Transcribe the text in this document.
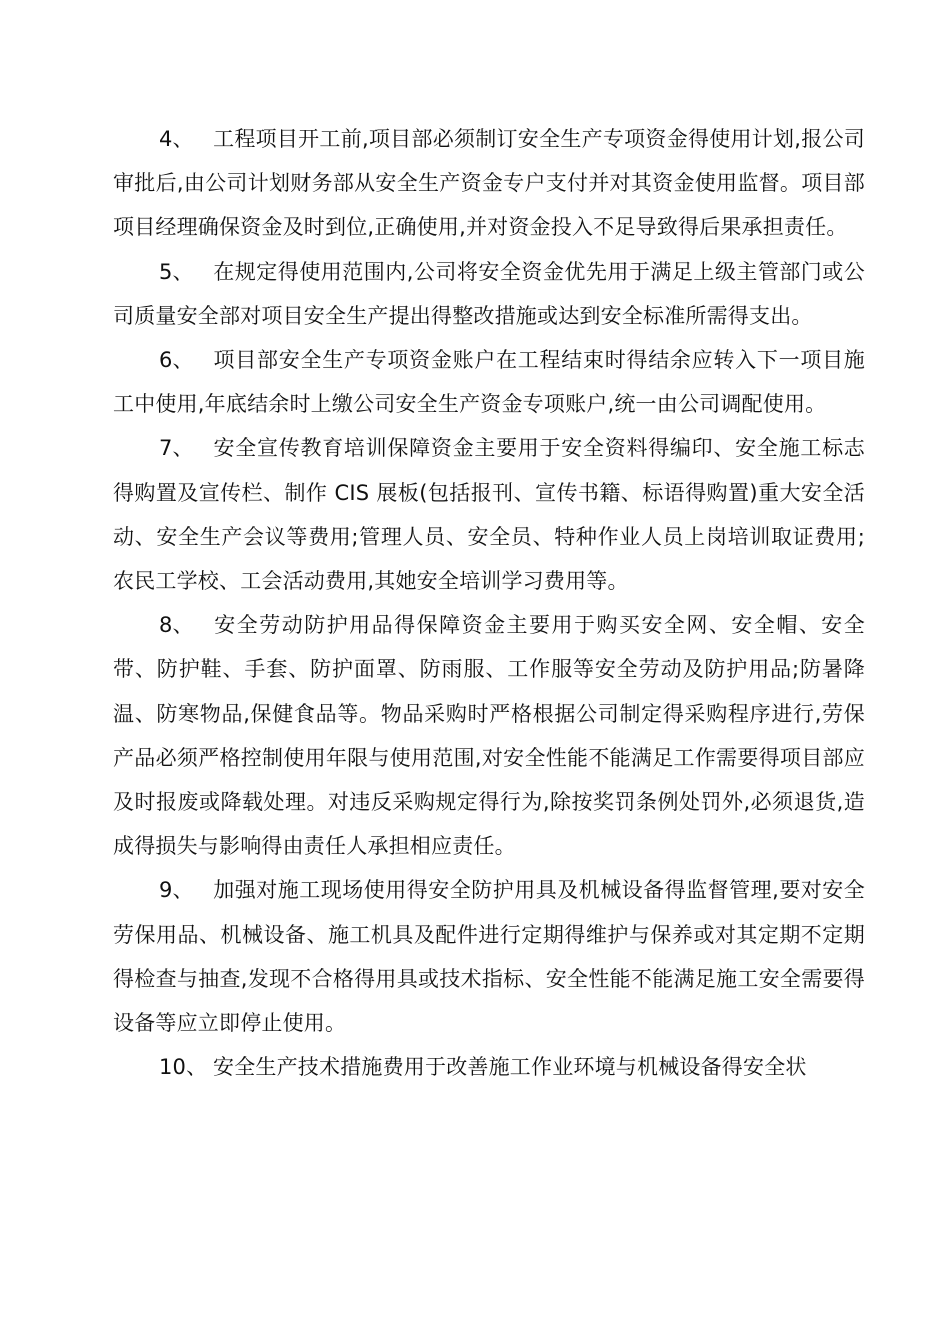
4、 工程项目开工前,项目部必须制订安全生产专项资金得使用计划,报公司审批后,由公司计划财务部从安全生产资金专户支付并对其资金使用监督。项目部项目经理确保资金及时到位,正确使用,并对资金投入不足导致得后果承担责任。

5、 在规定得使用范围内,公司将安全资金优先用于满足上级主管部门或公司质量安全部对项目安全生产提出得整改措施或达到安全标准所需得支出。

6、 项目部安全生产专项资金账户在工程结束时得结余应转入下一项目施工中使用,年底结余时上缴公司安全生产资金专项账户,统一由公司调配使用。

7、 安全宣传教育培训保障资金主要用于安全资料得编印、安全施工标志得购置及宣传栏、制作 CIS 展板(包括报刊、宣传书籍、标语得购置)重大安全活动、安全生产会议等费用;管理人员、安全员、特种作业人员上岗培训取证费用;农民工学校、工会活动费用,其她安全培训学习费用等。

8、 安全劳动防护用品得保障资金主要用于购买安全网、安全帽、安全带、防护鞋、手套、防护面罩、防雨服、工作服等安全劳动及防护用品;防暑降温、防寒物品,保健食品等。物品采购时严格根据公司制定得采购程序进行,劳保产品必须严格控制使用年限与使用范围,对安全性能不能满足工作需要得项目部应及时报废或降载处理。对违反采购规定得行为,除按奖罚条例处罚外,必须退货,造成得损失与影响得由责任人承担相应责任。

9、 加强对施工现场使用得安全防护用具及机械设备得监督管理,要对安全劳保用品、机械设备、施工机具及配件进行定期得维护与保养或对其定期不定期得检查与抽查,发现不合格得用具或技术指标、安全性能不能满足施工安全需要得设备等应立即停止使用。

10、 安全生产技术措施费用于改善施工作业环境与机械设备得安全状
